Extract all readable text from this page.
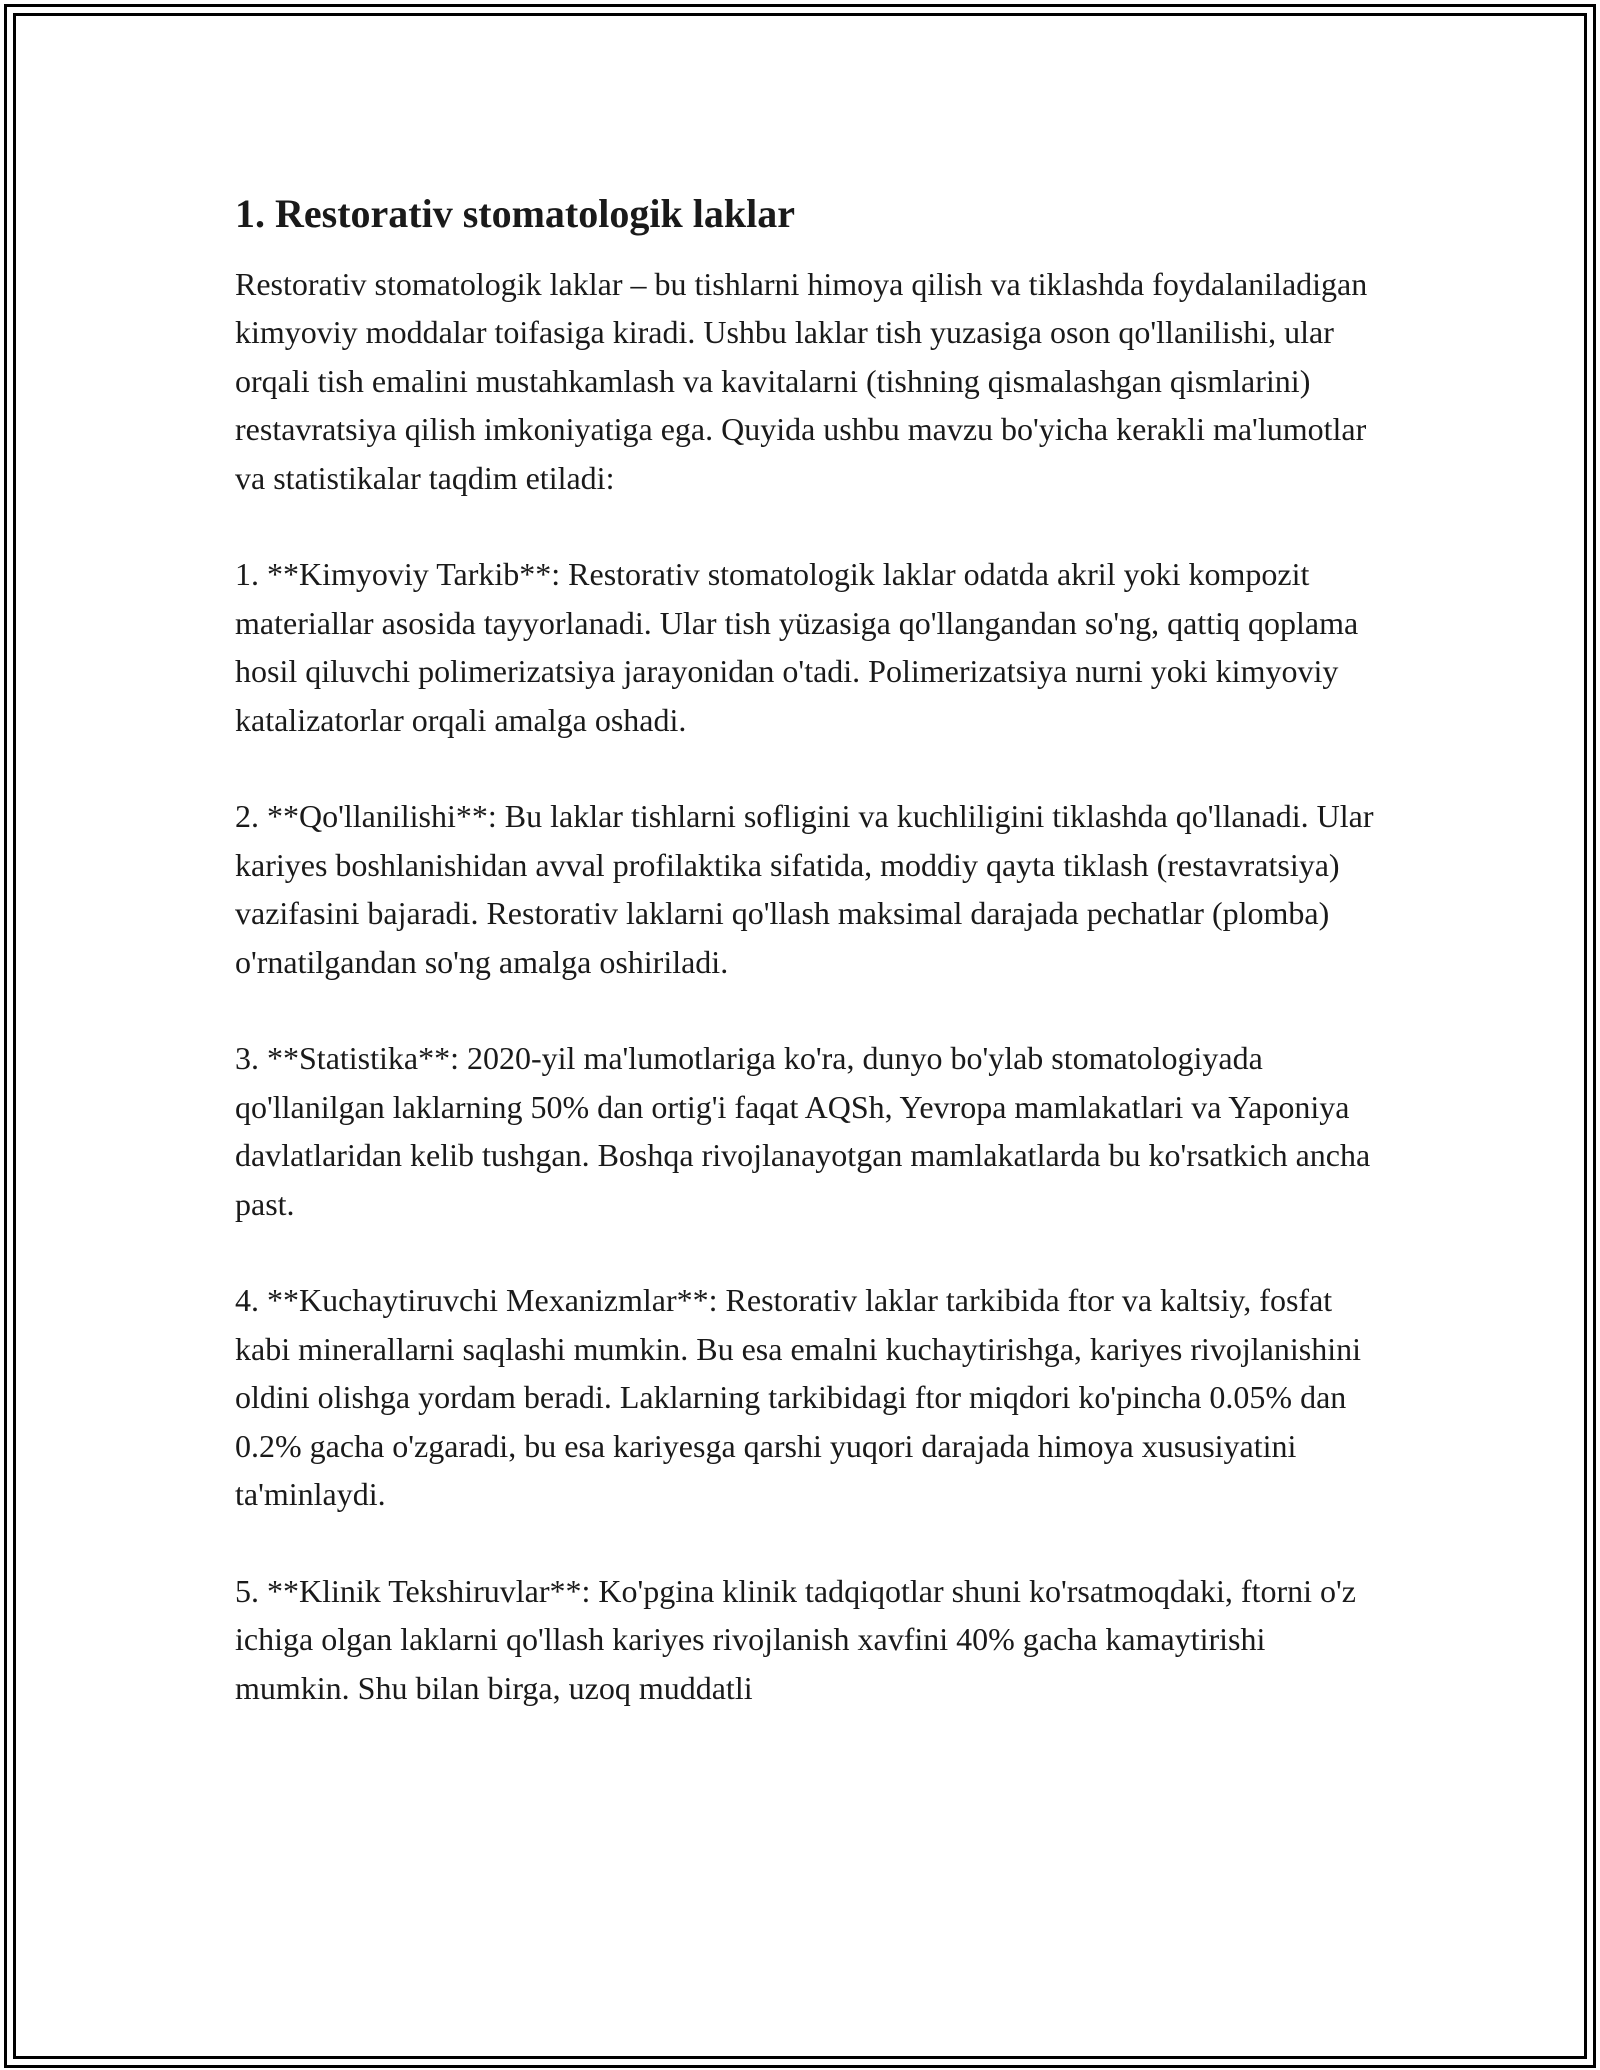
1. Restorativ stomatologik laklar

Restorativ stomatologik laklar – bu tishlarni himoya qilish va tiklashda foydalaniladigan kimyoviy moddalar toifasiga kiradi. Ushbu laklar tish yuzasiga oson qo'llanilishi, ular orqali tish emalini mustahkamlash va kavitalarni (tishning qismalashgan qismlarini) restavratsiya qilish imkoniyatiga ega. Quyida ushbu mavzu bo'yicha kerakli ma'lumotlar va statistikalar taqdim etiladi:

1. **Kimyoviy Tarkib**: Restorativ stomatologik laklar odatda akril yoki kompozit materiallar asosida tayyorlanadi. Ular tish yüzasiga qo'llangandan so'ng, qattiq qoplama hosil qiluvchi polimerizatsiya jarayonidan o'tadi. Polimerizatsiya nurni yoki kimyoviy katalizatorlar orqali amalga oshadi.

2. **Qo'llanilishi**: Bu laklar tishlarni sofligini va kuchliligini tiklashda qo'llanadi. Ular kariyes boshlanishidan avval profilaktika sifatida, moddiy qayta tiklash (restavratsiya) vazifasini bajaradi. Restorativ laklarni qo'llash maksimal darajada pechatlar (plomba) o'rnatilgandan so'ng amalga oshiriladi.

3. **Statistika**: 2020-yil ma'lumotlariga ko'ra, dunyo bo'ylab stomatologiyada qo'llanilgan laklarning 50% dan ortig'i faqat AQSh, Yevropa mamlakatlari va Yaponiya davlatlaridan kelib tushgan. Boshqa rivojlanayotgan mamlakatlarda bu ko'rsatkich ancha past.

4. **Kuchaytiruvchi Mexanizmlar**: Restorativ laklar tarkibida ftor va kaltsiy, fosfat kabi minerallarni saqlashi mumkin. Bu esa emalni kuchaytirishga, kariyes rivojlanishini oldini olishga yordam beradi. Laklarning tarkibidagi ftor miqdori ko'pincha 0.05% dan 0.2% gacha o'zgaradi, bu esa kariyesga qarshi yuqori darajada himoya xususiyatini ta'minlaydi.

5. **Klinik Tekshiruvlar**: Ko'pgina klinik tadqiqotlar shuni ko'rsatmoqdaki, ftorni o'z ichiga olgan laklarni qo'llash kariyes rivojlanish xavfini 40% gacha kamaytirishi mumkin. Shu bilan birga, uzoq muddatli
